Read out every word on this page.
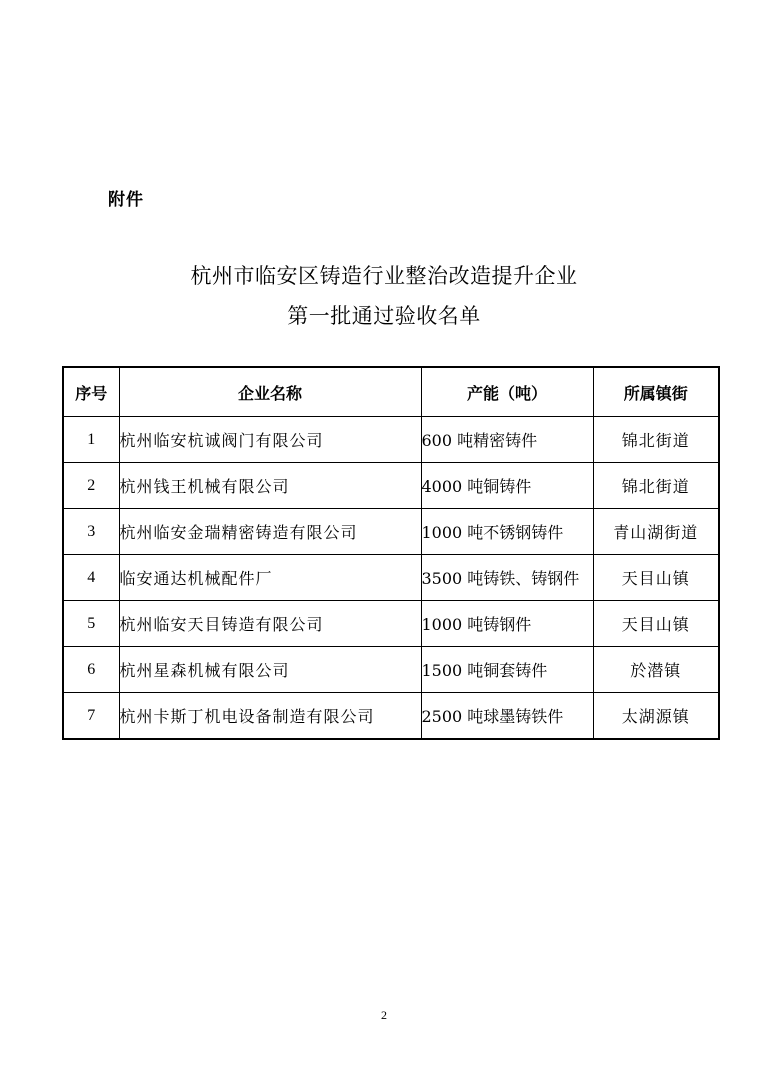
附件
杭州市临安区铸造行业整治改造提升企业
第一批通过验收名单
序号	企业名称	产能（吨）	所属镇街
1	杭州临安杭诚阀门有限公司	600 吨精密铸件	锦北街道
2	杭州钱王机械有限公司	4000 吨铜铸件	锦北街道
3	杭州临安金瑞精密铸造有限公司	1000 吨不锈钢铸件	青山湖街道
4	临安通达机械配件厂	3500 吨铸铁、铸钢件	天目山镇
5	杭州临安天目铸造有限公司	1000 吨铸钢件	天目山镇
6	杭州星森机械有限公司	1500 吨铜套铸件	於潜镇
7	杭州卡斯丁机电设备制造有限公司	2500 吨球墨铸铁件	太湖源镇
2
